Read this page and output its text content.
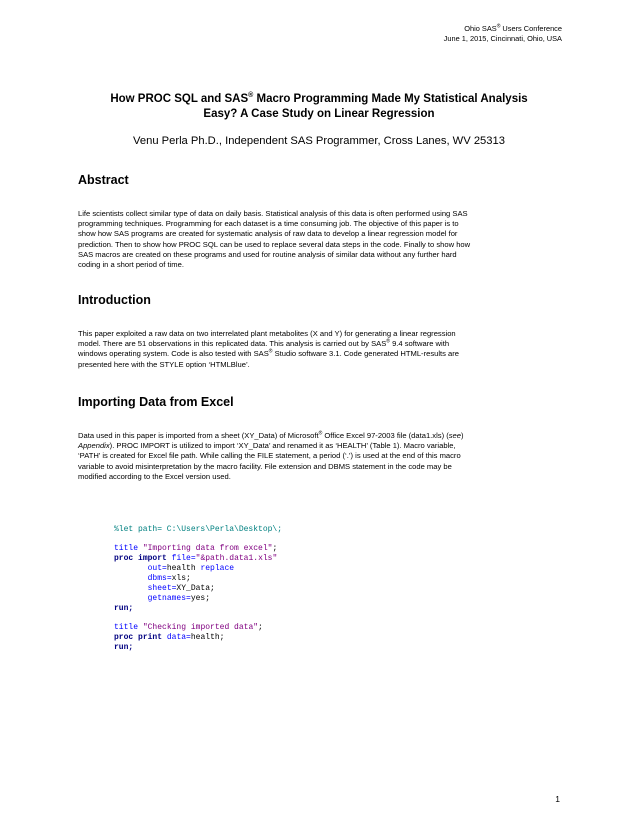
Ohio SAS® Users Conference
June 1, 2015, Cincinnati, Ohio, USA
How PROC SQL and SAS® Macro Programming Made My Statistical Analysis
Easy? A Case Study on Linear Regression
Venu Perla Ph.D., Independent SAS Programmer, Cross Lanes, WV 25313
Abstract
Life scientists collect similar type of data on daily basis. Statistical analysis of this data is often performed using SAS
programming techniques. Programming for each dataset is a time consuming job. The objective of this paper is to
show how SAS programs are created for systematic analysis of raw data to develop a linear regression model for
prediction. Then to show how PROC SQL can be used to replace several data steps in the code. Finally to show how
SAS macros are created on these programs and used for routine analysis of similar data without any further hard
coding in a short period of time.
Introduction
This paper exploited a raw data on two interrelated plant metabolites (X and Y) for generating a linear regression
model. There are 51 observations in this replicated data. This analysis is carried out by SAS® 9.4 software with
windows operating system. Code is also tested with SAS® Studio software 3.1. Code generated HTML-results are
presented here with the STYLE option ‘HTMLBlue’.
Importing Data from Excel
Data used in this paper is imported from a sheet (XY_Data) of Microsoft® Office Excel 97-2003 file (data1.xls) (see)
Appendix). PROC IMPORT is utilized to import ‘XY_Data’ and renamed it as ‘HEALTH’ (Table 1). Macro variable,
‘PATH’ is created for Excel file path. While calling the FILE statement, a period (‘.’) is used at the end of this macro
variable to avoid misinterpretation by the macro facility. File extension and DBMS statement in the code may be
modified according to the Excel version used.

%let path= C:\Users\Perla\Desktop\;
title "Importing data from excel";
proc import file="&path.data1.xls"
out=health replace
dbms=xls;
sheet=XY_Data;
getnames=yes;
run;
title "Checking imported data";
proc print data=health;
run;
1
